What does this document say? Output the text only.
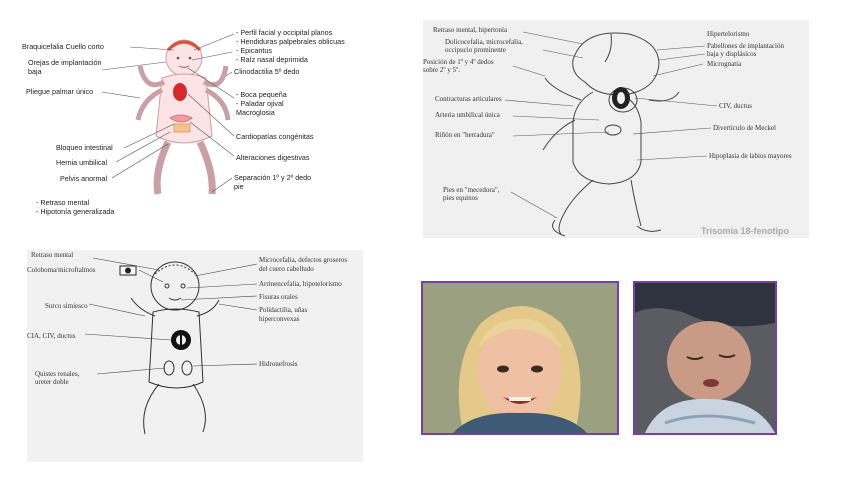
Braquicefalia Cuello corto
Orejas de implantación
baja
Pliegue palmar único
Bloqueo intestinal
Hernia umbilical
Pelvis anormal
- Retraso mental
- Hipotonía generalizada
- Perfil facial y occipital planos
- Hendiduras palpebrales oblicuas
- Epicantus
- Raíz nasal deprimida
Clinodactilia 5º dedo
- Boca pequeña
- Paladar ojival
Macroglosia
Cardiopatías congénitas
Alteraciones digestivas
Separación 1º y 2º dedo
pie
Retraso mental, hipertonía
Dolicocefalia, microcefalia,
occipucio prominente
Posición de 1º y 4º dedos
sobre 2º y 5º.
Contracturas articulares
Arteria umbilical única
Riñón en "herradura"
Pies en "mecedora",
pies equinos
Hipertelorismo
Pabellones de implantación
baja y displásicos
Micrognatia
CIV, ductus
Divertículo de Meckel
Hipoplasia de labios mayores
Trisomía 18-fenotipo
Retraso mental
Coloboma/microftalmos
Surco simiesco
CIA, CIV, ductus
Quistes renales,
ureter doble
Microcefalia, defectos groseros
del cuero cabelludo
Arrinencefalia, hipotelorismo
Fisuras orales
Polidactilia, uñas
hiperconvexas
Hidronefrosis
